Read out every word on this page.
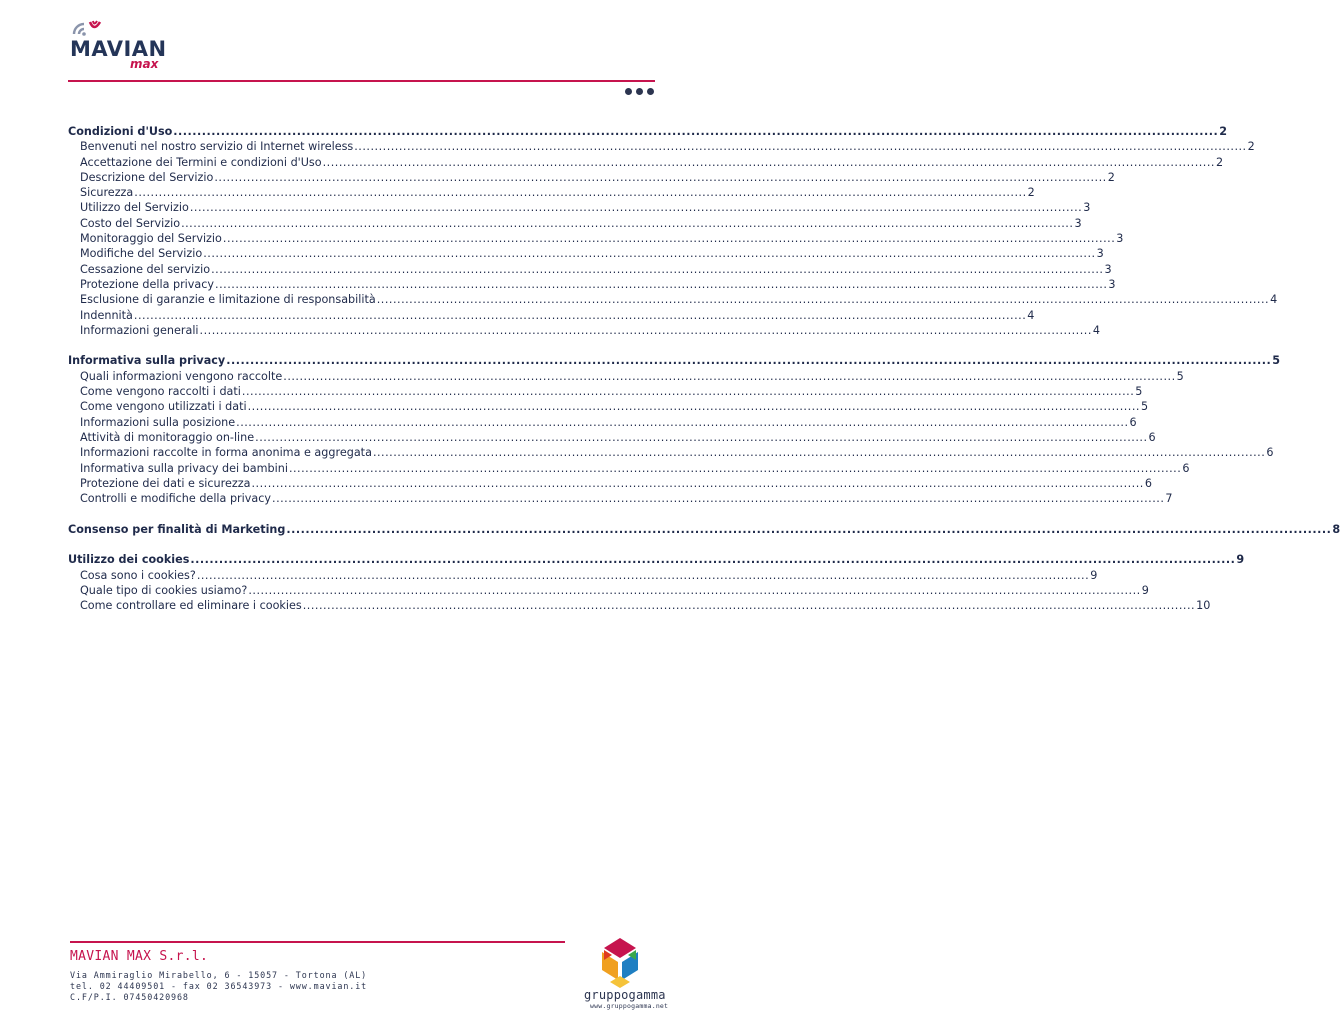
MAVIAN
max
Condizioni d'Uso ............................................................................................................................................................................................................................ 2
Benvenuti nel nostro servizio di Internet wireless ............................................................................................................................................................................................................................ 2
Accettazione dei Termini e condizioni d'Uso ............................................................................................................................................................................................................................ 2
Descrizione del Servizio ............................................................................................................................................................................................................................ 2
Sicurezza ............................................................................................................................................................................................................................ 2
Utilizzo del Servizio ............................................................................................................................................................................................................................ 3
Costo del Servizio ............................................................................................................................................................................................................................ 3
Monitoraggio del Servizio ............................................................................................................................................................................................................................ 3
Modifiche del Servizio ............................................................................................................................................................................................................................ 3
Cessazione del servizio ............................................................................................................................................................................................................................ 3
Protezione della privacy ............................................................................................................................................................................................................................ 3
Esclusione di garanzie e limitazione di responsabilità ............................................................................................................................................................................................................................ 4
Indennità ............................................................................................................................................................................................................................ 4
Informazioni generali ............................................................................................................................................................................................................................ 4
Informativa sulla privacy ............................................................................................................................................................................................................................ 5
Quali informazioni vengono raccolte ............................................................................................................................................................................................................................ 5
Come vengono raccolti i dati ............................................................................................................................................................................................................................ 5
Come vengono utilizzati i dati ............................................................................................................................................................................................................................ 5
Informazioni sulla posizione ............................................................................................................................................................................................................................ 6
Attività di monitoraggio on-line ............................................................................................................................................................................................................................ 6
Informazioni raccolte in forma anonima e aggregata ............................................................................................................................................................................................................................ 6
Informativa sulla privacy dei bambini ............................................................................................................................................................................................................................ 6
Protezione dei dati e sicurezza ............................................................................................................................................................................................................................ 6
Controlli e modifiche della privacy ............................................................................................................................................................................................................................ 7
Consenso per finalità di Marketing ............................................................................................................................................................................................................................ 8
Utilizzo dei cookies ............................................................................................................................................................................................................................ 9
Cosa sono i cookies? ............................................................................................................................................................................................................................ 9
Quale tipo di cookies usiamo? ............................................................................................................................................................................................................................ 9
Come controllare ed eliminare i cookies ............................................................................................................................................................................................................................ 10
MAVIAN MAX S.r.l.
Via Ammiraglio Mirabello, 6 - 15057 - Tortona (AL)
tel. 02 44409501 - fax 02 36543973 - www.mavian.it
C.F/P.I. 07450420968	gruppogamma
www.gruppogamma.net
